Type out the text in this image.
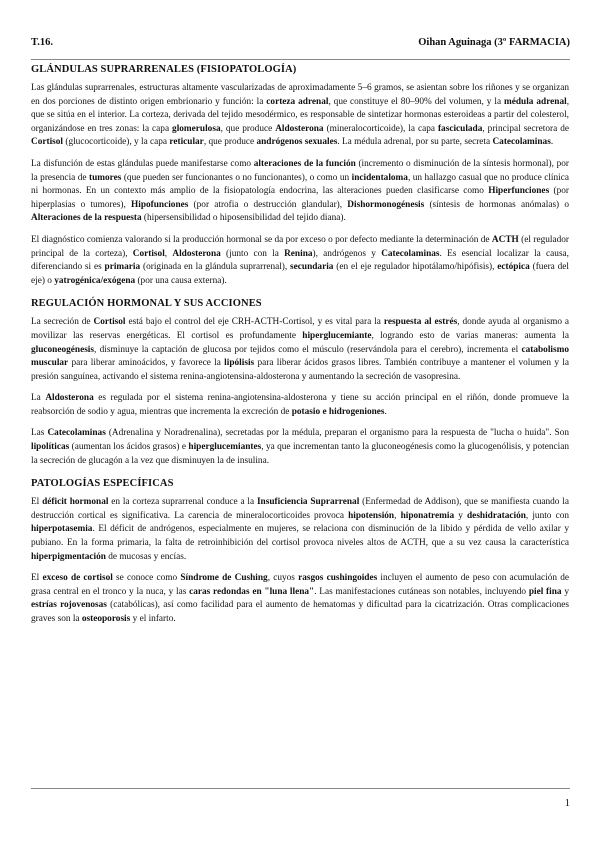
T.16.	Oihan Aguinaga (3º FARMACIA)
GLÁNDULAS SUPRARRENALES (FISIOPATOLOGÍA)

Las glándulas suprarrenales, estructuras altamente vascularizadas de aproximadamente 5–6 gramos, se asientan sobre los riñones y se organizan en dos porciones de distinto origen embrionario y función: la corteza adrenal, que constituye el 80–90% del volumen, y la médula adrenal, que se sitúa en el interior. La corteza, derivada del tejido mesodérmico, es responsable de sintetizar hormonas esteroideas a partir del colesterol, organizándose en tres zonas: la capa glomerulosa, que produce Aldosterona (mineralocorticoide), la capa fasciculada, principal secretora de Cortisol (glucocorticoide), y la capa reticular, que produce andrógenos sexuales. La médula adrenal, por su parte, secreta Catecolaminas.

La disfunción de estas glándulas puede manifestarse como alteraciones de la función (incremento o disminución de la síntesis hormonal), por la presencia de tumores (que pueden ser funcionantes o no funcionantes), o como un incidentaloma, un hallazgo casual que no produce clínica ni hormonas. En un contexto más amplio de la fisiopatología endocrina, las alteraciones pueden clasificarse como Hiperfunciones (por hiperplasias o tumores), Hipofunciones (por atrofia o destrucción glandular), Dishormonogénesis (síntesis de hormonas anómalas) o Alteraciones de la respuesta (hipersensibilidad o hiposensibilidad del tejido diana).

El diagnóstico comienza valorando si la producción hormonal se da por exceso o por defecto mediante la determinación de ACTH (el regulador principal de la corteza), Cortisol, Aldosterona (junto con la Renina), andrógenos y Catecolaminas. Es esencial localizar la causa, diferenciando si es primaria (originada en la glándula suprarrenal), secundaria (en el eje regulador hipotálamo/hipófisis), ectópica (fuera del eje) o yatrogénica/exógena (por una causa externa).

REGULACIÓN HORMONAL Y SUS ACCIONES

La secreción de Cortisol está bajo el control del eje CRH-ACTH-Cortisol, y es vital para la respuesta al estrés, donde ayuda al organismo a movilizar las reservas energéticas. El cortisol es profundamente hiperglucemiante, logrando esto de varias maneras: aumenta la gluconeogénesis, disminuye la captación de glucosa por tejidos como el músculo (reservándola para el cerebro), incrementa el catabolismo muscular para liberar aminoácidos, y favorece la lipólisis para liberar ácidos grasos libres. También contribuye a mantener el volumen y la presión sanguínea, activando el sistema renina-angiotensina-aldosterona y aumentando la secreción de vasopresina.

La Aldosterona es regulada por el sistema renina-angiotensina-aldosterona y tiene su acción principal en el riñón, donde promueve la reabsorción de sodio y agua, mientras que incrementa la excreción de potasio e hidrogeniones.

Las Catecolaminas (Adrenalina y Noradrenalina), secretadas por la médula, preparan el organismo para la respuesta de "lucha o huida". Son lipolíticas (aumentan los ácidos grasos) e hiperglucemiantes, ya que incrementan tanto la gluconeogénesis como la glucogenólisis, y potencian la secreción de glucagón a la vez que disminuyen la de insulina.

PATOLOGÍAS ESPECÍFICAS

El déficit hormonal en la corteza suprarrenal conduce a la Insuficiencia Suprarrenal (Enfermedad de Addison), que se manifiesta cuando la destrucción cortical es significativa. La carencia de mineralocorticoides provoca hipotensión, hiponatremia y deshidratación, junto con hiperpotasemia. El déficit de andrógenos, especialmente en mujeres, se relaciona con disminución de la libido y pérdida de vello axilar y pubiano. En la forma primaria, la falta de retroinhibición del cortisol provoca niveles altos de ACTH, que a su vez causa la característica hiperpigmentación de mucosas y encías.

El exceso de cortisol se conoce como Síndrome de Cushing, cuyos rasgos cushingoides incluyen el aumento de peso con acumulación de grasa central en el tronco y la nuca, y las caras redondas en "luna llena". Las manifestaciones cutáneas son notables, incluyendo piel fina y estrías rojovenosas (catabólicas), así como facilidad para el aumento de hematomas y dificultad para la cicatrización. Otras complicaciones graves son la osteoporosis y el infarto.

1
